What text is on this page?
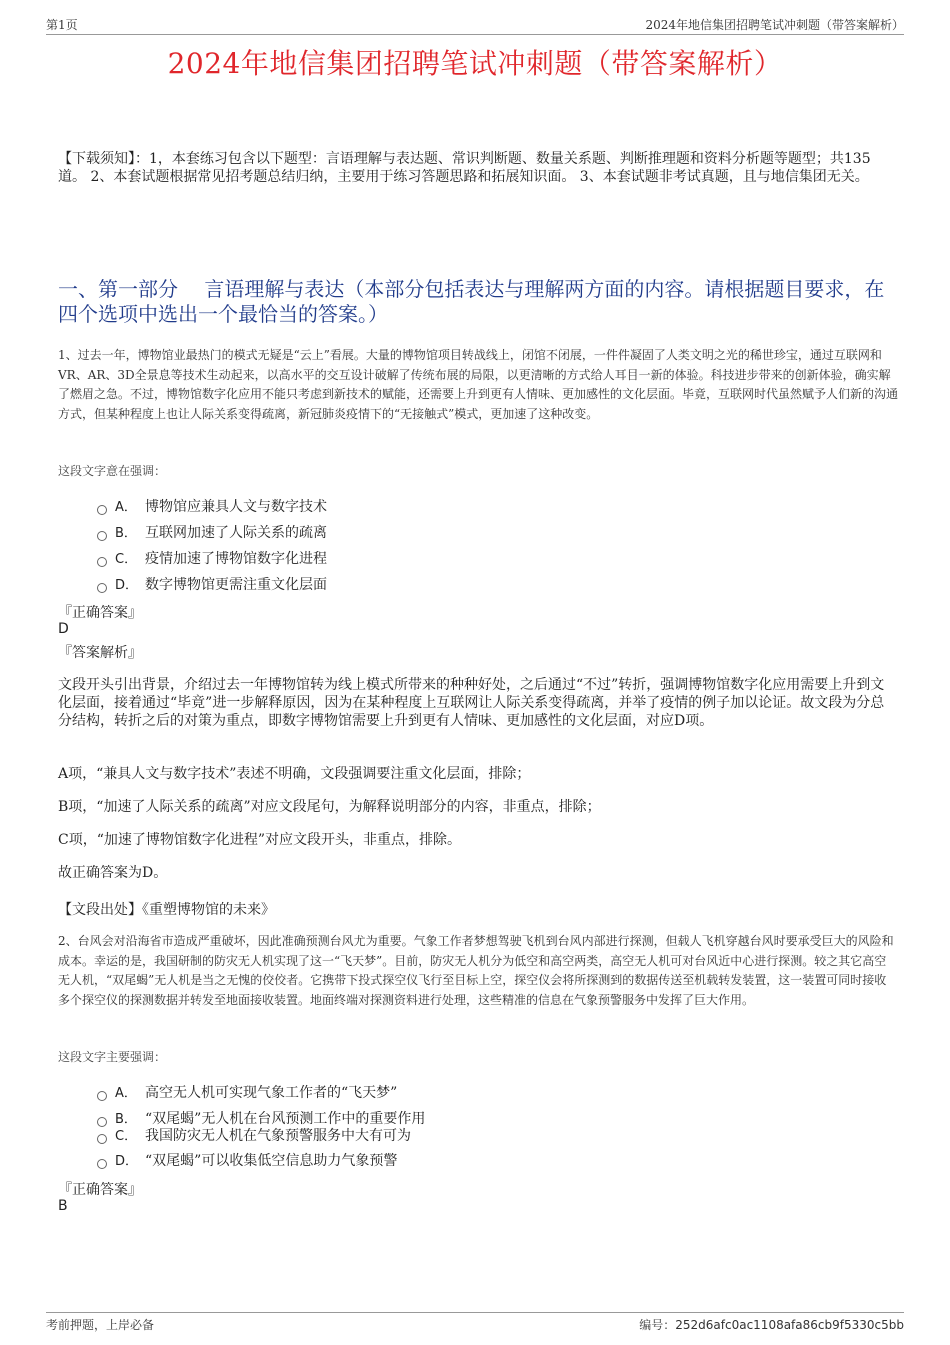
第1页	2024年地信集团招聘笔试冲刺题（带答案解析）
2024年地信集团招聘笔试冲刺题（带答案解析）
【下载须知】：1，本套练习包含以下题型：言语理解与表达题、常识判断题、数量关系题、判断推理题和资料分析题等题型；共135道。 2、本套试题根据常见招考题总结归纳，主要用于练习答题思路和拓展知识面。 3、本套试题非考试真题，且与地信集团无关。
一、第一部分　 言语理解与表达（本部分包括表达与理解两方面的内容。请根据题目要求，在四个选项中选出一个最恰当的答案。）
1、过去一年，博物馆业最热门的模式无疑是“云上”看展。大量的博物馆项目转战线上，闭馆不闭展，一件件凝固了人类文明之光的稀世珍宝，通过互联网和VR、AR、3D全景息等技术生动起来，以高水平的交互设计破解了传统布展的局限，以更清晰的方式给人耳目一新的体验。科技进步带来的创新体验，确实解了燃眉之急。不过，博物馆数字化应用不能只考虑到新技术的赋能，还需要上升到更有人情味、更加感性的文化层面。毕竟，互联网时代虽然赋予人们新的沟通方式，但某种程度上也让人际关系变得疏离，新冠肺炎疫情下的“无接触式”模式，更加速了这种改变。
这段文字意在强调：
A． 博物馆应兼具人文与数字技术
B． 互联网加速了人际关系的疏离
C． 疫情加速了博物馆数字化进程
D． 数字博物馆更需注重文化层面
『正确答案』
D
『答案解析』
文段开头引出背景，介绍过去一年博物馆转为线上模式所带来的种种好处，之后通过“不过”转折，强调博物馆数字化应用需要上升到文化层面，接着通过“毕竟”进一步解释原因，因为在某种程度上互联网让人际关系变得疏离，并举了疫情的例子加以论证。故文段为分总分结构，转折之后的对策为重点，即数字博物馆需要上升到更有人情味、更加感性的文化层面，对应D项。
A项，“兼具人文与数字技术”表述不明确，文段强调要注重文化层面，排除；
B项，“加速了人际关系的疏离”对应文段尾句，为解释说明部分的内容，非重点，排除；
C项，“加速了博物馆数字化进程”对应文段开头，非重点，排除。
故正确答案为D。
【文段出处】《重塑博物馆的未来》
2、台风会对沿海省市造成严重破坏，因此准确预测台风尤为重要。气象工作者梦想驾驶飞机到台风内部进行探测，但载人飞机穿越台风时要承受巨大的风险和成本。幸运的是，我国研制的防灾无人机实现了这一“飞天梦”。目前，防灾无人机分为低空和高空两类，高空无人机可对台风近中心进行探测。较之其它高空无人机，“双尾蝎”无人机是当之无愧的佼佼者。它携带下投式探空仪飞行至目标上空，探空仪会将所探测到的数据传送至机载转发装置，这一装置可同时接收多个探空仪的探测数据并转发至地面接收装置。地面终端对探测资料进行处理，这些精准的信息在气象预警服务中发挥了巨大作用。
这段文字主要强调：
A． 高空无人机可实现气象工作者的“飞天梦”
B． “双尾蝎”无人机在台风预测工作中的重要作用
C． 我国防灾无人机在气象预警服务中大有可为
D． “双尾蝎”可以收集低空信息助力气象预警
『正确答案』
B
考前押题，上岸必备	编号：252d6afc0ac1108afa86cb9f5330c5bb
